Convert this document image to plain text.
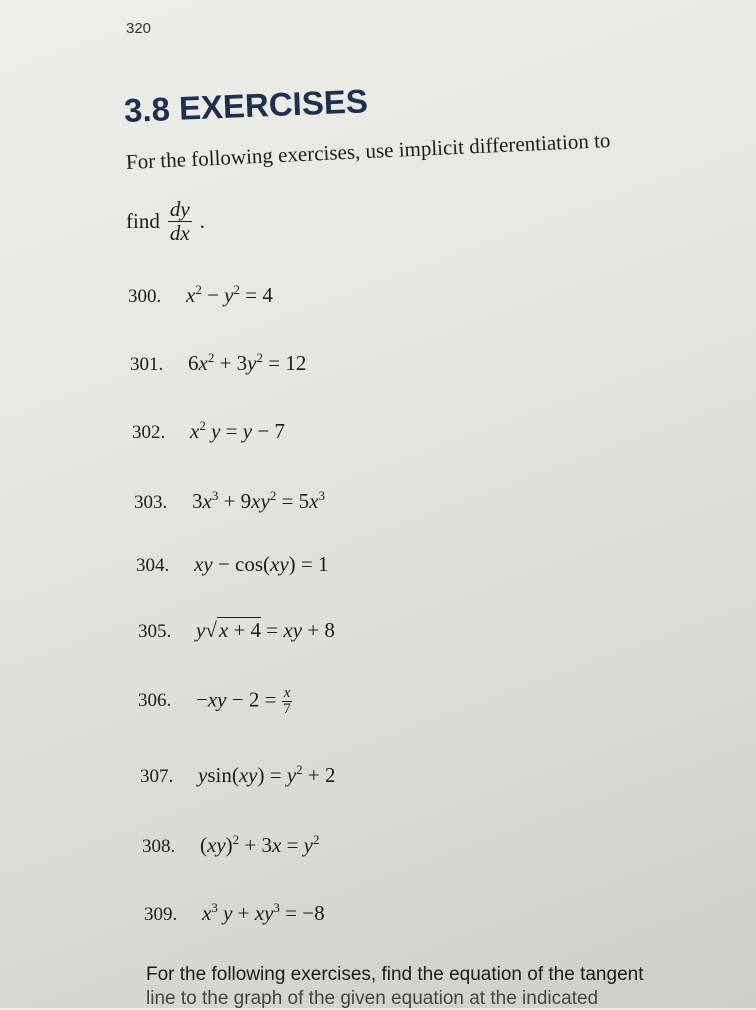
320
3.8 EXERCISES
For the following exercises, use implicit differentiation to
find $\frac{dy}{dx}$ .
300.	$x^2 - y^2 = 4$
301.	$6x^2 + 3y^2 = 12$
302.	$x^2$ y = y − 7
303.	$3x^3 + 9xy^2 = 5x^3$
304.	xy − cos(xy) = 1
305.	y√x + 4 = xy + 8
306.	$-xy - 2 = \frac{x}{7}$
307.	$ysin(xy) = y^2 + 2$
308.	$(xy)^2 + 3x = y^2$
309.	$x^3$ $y + xy^3 = -8$
For the following exercises, find the equation of the tangent
line to the graph of the given equation at the indicated
